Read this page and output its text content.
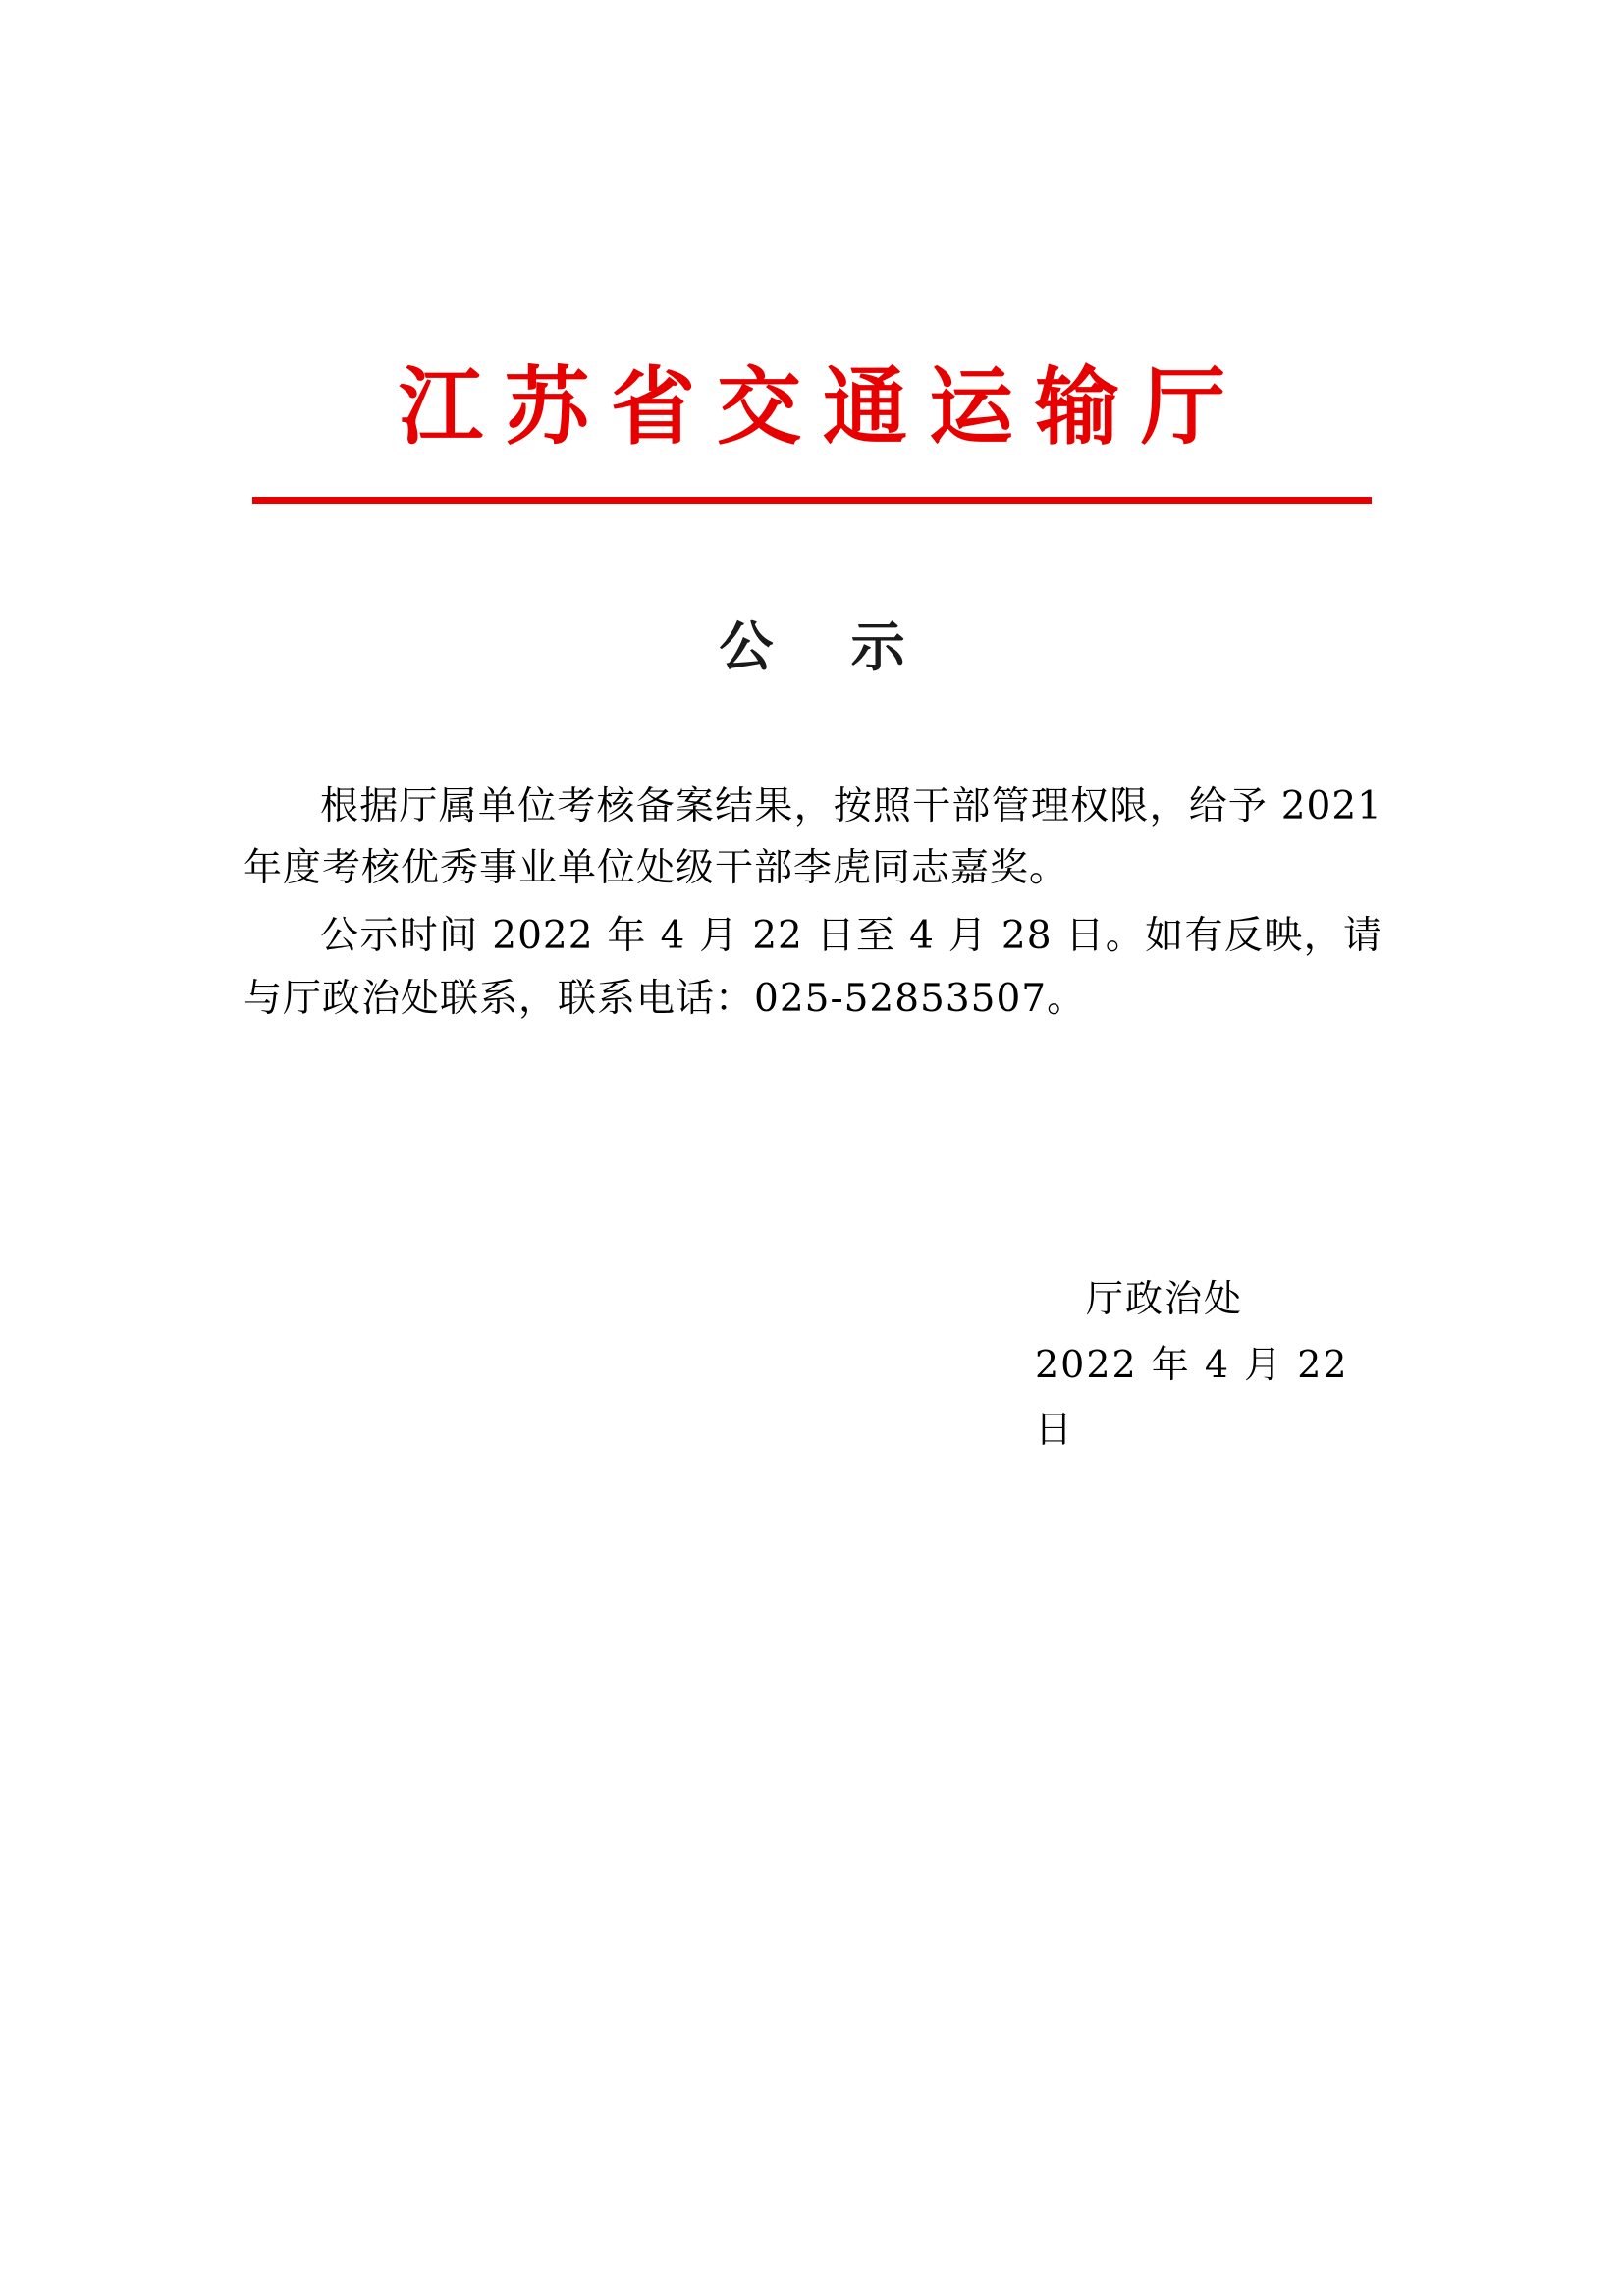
江苏省交通运输厅
公 示

根据厅属单位考核备案结果，按照干部管理权限，给予 2021 年度考核优秀事业单位处级干部李虎同志嘉奖。

公示时间 2022 年 4 月 22 日至 4 月 28 日。如有反映，请与厅政治处联系，联系电话：025-52853507。

厅政治处
2022 年 4 月 22 日
